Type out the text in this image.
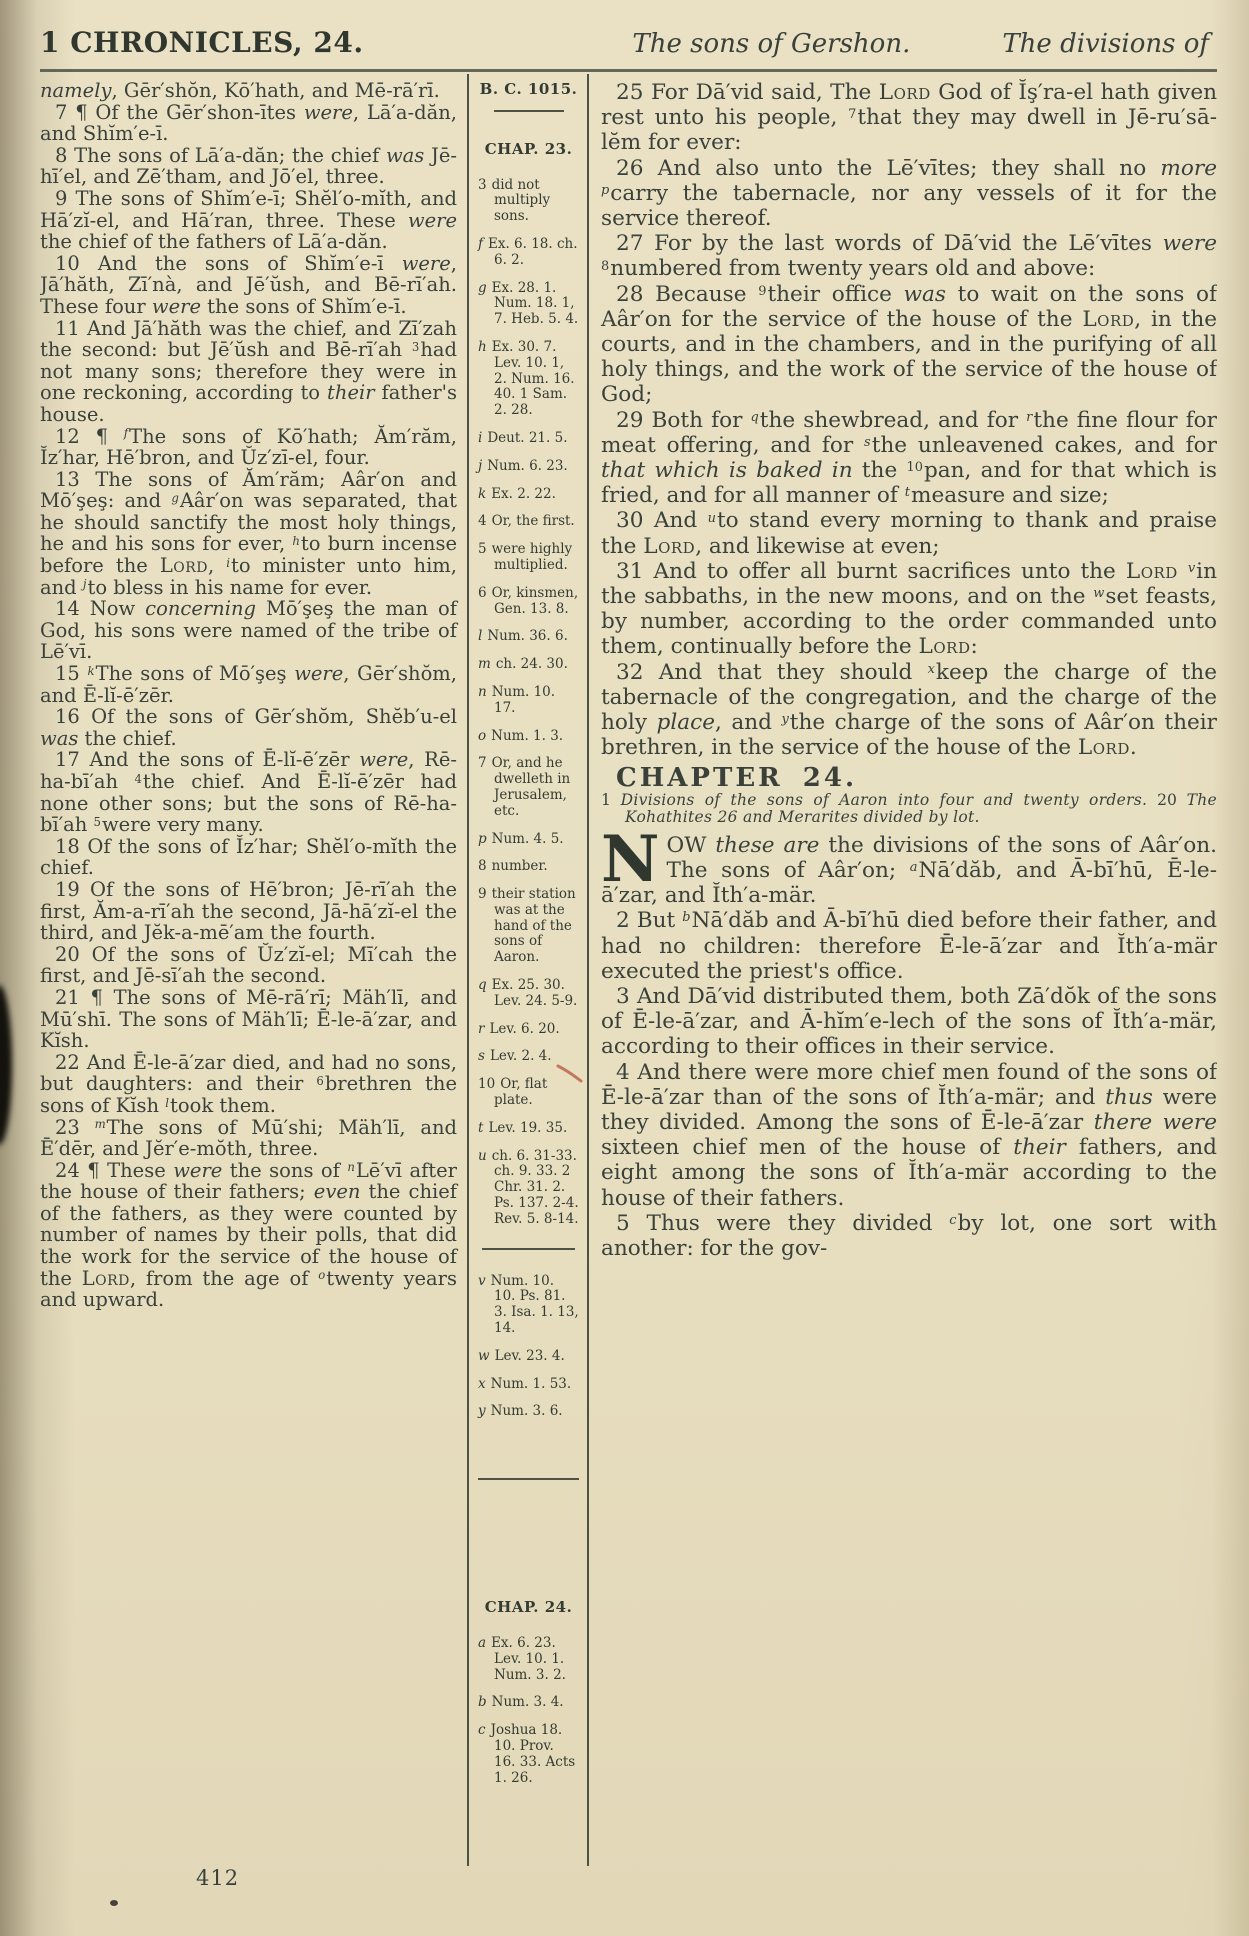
1 CHRONICLES, 24.	The sons of Gershon.	The divisions of

namely, Gēr′shŏn, Kō′hath, and Mē-rā′rī.

7 ¶ Of the Gēr′shon-ītes were, Lā′a-dăn, and Shĭm′e-ī.

8 The sons of Lā′a-dăn; the chief was Jē-hī′el, and Zē′tham, and Jō′el, three.

9 The sons of Shĭm′e-ī; Shĕl′o-mĭth, and Hā′zĭ-el, and Hā′ran, three. These were the chief of the fathers of Lā′a-dăn.

10 And the sons of Shĭm′e-ī were, Jā′hăth, Zī′nà, and Jē′ŭsh, and Bē-rī′ah. These four were the sons of Shĭm′e-ī.

11 And Jā′hăth was the chief, and Zī′zah the second: but Jē′ŭsh and Bē-rī′ah $^3$had not many sons; therefore they were in one reckoning, according to their father's house.

12 ¶ $^f$The sons of Kō′hath; Ăm′răm, Ĭz′har, Hē′bron, and Ŭz′zī-el, four.

13 The sons of Ăm′răm; Aâr′on and Mō′şeş: and $^g$Aâr′on was separated, that he should sanctify the most holy things, he and his sons for ever, $^h$to burn incense before the Lord, $^i$to minister unto him, and $^j$to bless in his name for ever.

14 Now concerning Mō′şeş the man of God, his sons were named of the tribe of Lē′vī.

15 $^k$The sons of Mō′şeş were, Gēr′shŏm, and Ē-lĭ-ē′zēr.

16 Of the sons of Gēr′shŏm, Shĕb′u-el was the chief.

17 And the sons of Ē-lĭ-ē′zēr were, Rē-ha-bī′ah $^4$the chief. And Ē-lĭ-ē′zēr had none other sons; but the sons of Rē-ha-bī′ah $^5$were very many.

18 Of the sons of Ĭz′har; Shĕl′o-mĭth the chief.

19 Of the sons of Hē′bron; Jē-rī′ah the first, Ăm-a-rī′ah the second, Jā-hā′zĭ-el the third, and Jĕk-a-mē′am the fourth.

20 Of the sons of Ŭz′zĭ-el; Mī′cah the first, and Jē-sī′ah the second.

21 ¶ The sons of Mē-rā′rī; Mäh′lī, and Mū′shī. The sons of Mäh′lī; Ē-le-ā′zar, and Kĭsh.

22 And Ē-le-ā′zar died, and had no sons, but daughters: and their $^6$brethren the sons of Kĭsh $^l$took them.

23 $^m$The sons of Mū′shi; Mäh′lī, and Ē′dēr, and Jĕr′e-mŏth, three.

24 ¶ These were the sons of $^n$Lē′vī after the house of their fathers; even the chief of the fathers, as they were counted by number of names by their polls, that did the work for the service of the house of the Lord, from the age of $^o$twenty years and upward.

B. C. 1015.
CHAP. 23.
3 did not multiply sons.
f Ex. 6. 18. ch. 6. 2.
g Ex. 28. 1. Num. 18. 1, 7. Heb. 5. 4.
h Ex. 30. 7. Lev. 10. 1, 2. Num. 16. 40. 1 Sam. 2. 28.
i Deut. 21. 5.
j Num. 6. 23.
k Ex. 2. 22.
4 Or, the first.
5 were highly multiplied.
6 Or, kinsmen, Gen. 13. 8.
l Num. 36. 6.
m ch. 24. 30.
n Num. 10. 17.
o Num. 1. 3.
7 Or, and he dwelleth in Jerusalem, etc.
p Num. 4. 5.
8 number.
9 their station was at the hand of the sons of Aaron.
q Ex. 25. 30. Lev. 24. 5-9.
r Lev. 6. 20.
s Lev. 2. 4.
10 Or, flat plate.
t Lev. 19. 35.
u ch. 6. 31-33. ch. 9. 33. 2 Chr. 31. 2. Ps. 137. 2-4. Rev. 5. 8-14.
v Num. 10. 10. Ps. 81. 3. Isa. 1. 13, 14.
w Lev. 23. 4.
x Num. 1. 53.
y Num. 3. 6.
CHAP. 24.
a Ex. 6. 23. Lev. 10. 1. Num. 3. 2.
b Num. 3. 4.
c Joshua 18. 10. Prov. 16. 33. Acts 1. 26.

25 For Dā′vid said, The Lord God of Ĭş′ra-el hath given rest unto his people, $^7$that they may dwell in Jē-ru′sā-lĕm for ever:

26 And also unto the Lē′vītes; they shall no more $^p$carry the tabernacle, nor any vessels of it for the service thereof.

27 For by the last words of Dā′vid the Lē′vītes were $^8$numbered from twenty years old and above:

28 Because $^9$their office was to wait on the sons of Aâr′on for the service of the house of the Lord, in the courts, and in the chambers, and in the purifying of all holy things, and the work of the service of the house of God;

29 Both for $^q$the shewbread, and for $^r$the fine flour for meat offering, and for $^s$the unleavened cakes, and for that which is baked in the $^{10}$pan, and for that which is fried, and for all manner of $^t$measure and size;

30 And $^u$to stand every morning to thank and praise the Lord, and likewise at even;

31 And to offer all burnt sacrifices unto the Lord $^v$in the sabbaths, in the new moons, and on the $^w$set feasts, by number, according to the order commanded unto them, continually before the Lord:

32 And that they should $^x$keep the charge of the tabernacle of the congregation, and the charge of the holy place, and $^y$the charge of the sons of Aâr′on their brethren, in the service of the house of the Lord.

CHAPTER 24.

1 Divisions of the sons of Aaron into four and twenty orders. 20 The Kohathites 26 and Merarites divided by lot.

NOW these are the divisions of the sons of Aâr′on. The sons of Aâr′on; $^a$Nā′dăb, and Ā-bī′hū, Ē-le-ā′zar, and Ĭth′a-mär.

2 But $^b$Nā′dăb and Ā-bī′hū died before their father, and had no children: therefore Ē-le-ā′zar and Ĭth′a-mär executed the priest's office.

3 And Dā′vid distributed them, both Zā′dŏk of the sons of Ē-le-ā′zar, and Ā-hĭm′e-lech of the sons of Ĭth′a-mär, according to their offices in their service.

4 And there were more chief men found of the sons of Ē-le-ā′zar than of the sons of Ĭth′a-mär; and thus were they divided. Among the sons of Ē-le-ā′zar there were sixteen chief men of the house of their fathers, and eight among the sons of Ĭth′a-mär according to the house of their fathers.

5 Thus were they divided $^c$by lot, one sort with another: for the gov-

412
